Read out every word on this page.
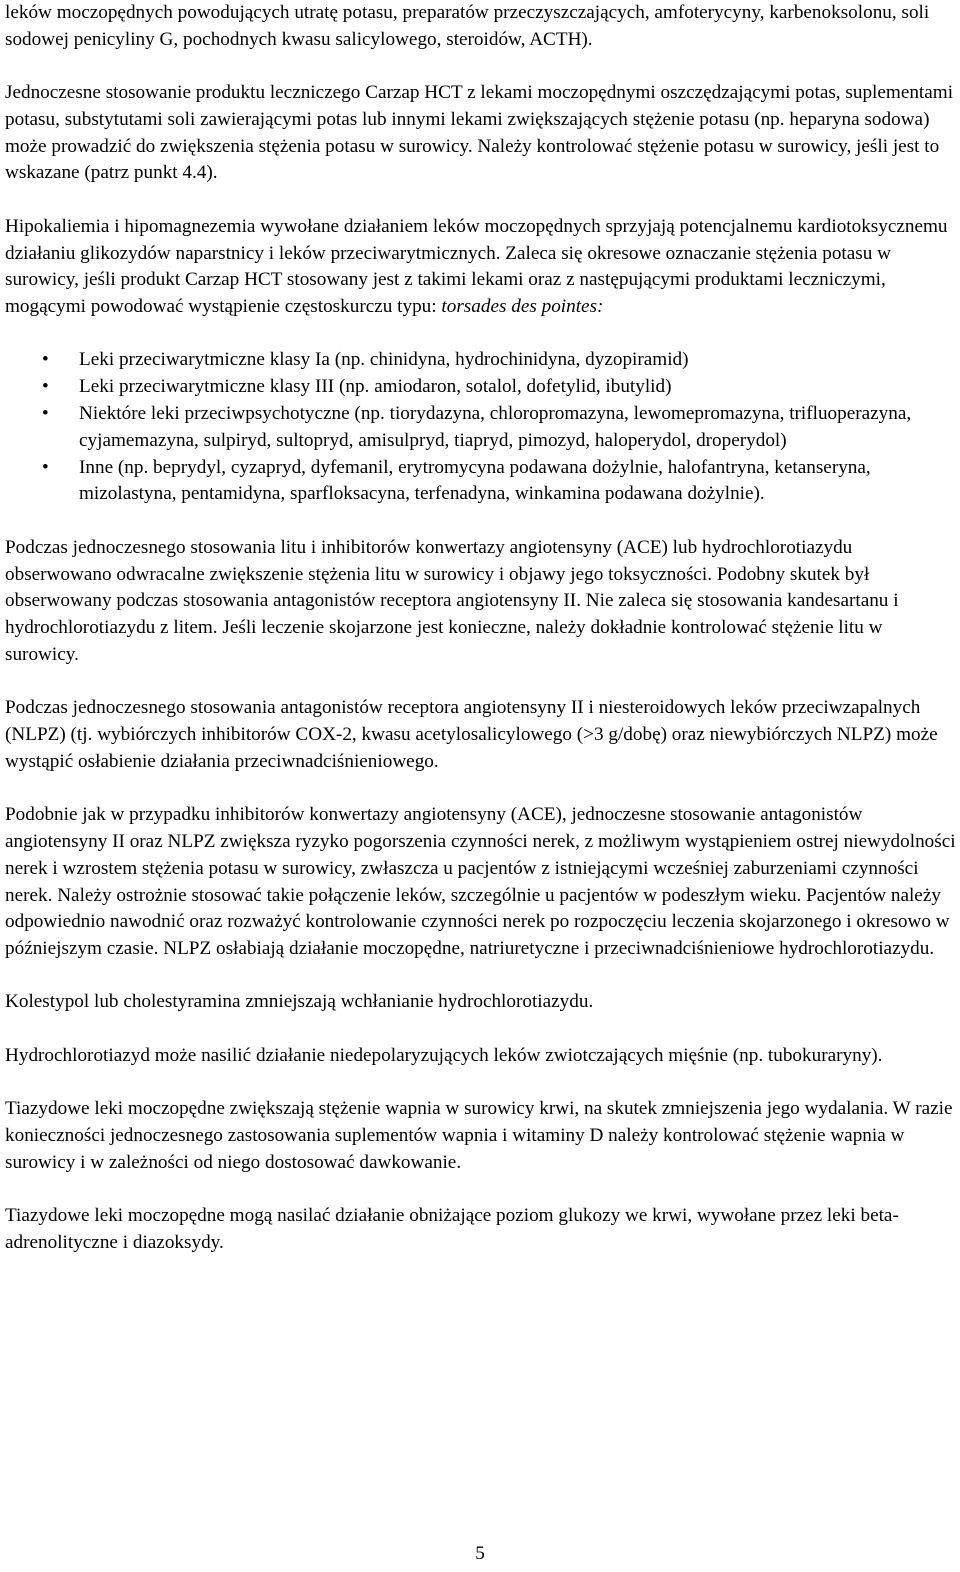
leków moczopędnych powodujących utratę potasu, preparatów przeczyszczających, amfoterycyny, karbenoksolonu, soli sodowej penicyliny G, pochodnych kwasu salicylowego, steroidów, ACTH).

Jednoczesne stosowanie produktu leczniczego Carzap HCT z lekami moczopędnymi oszczędzającymi potas, suplementami potasu, substytutami soli zawierającymi potas lub innymi lekami zwiększających stężenie potasu (np. heparyna sodowa) może prowadzić do zwiększenia stężenia potasu w surowicy. Należy kontrolować stężenie potasu w surowicy, jeśli jest to wskazane (patrz punkt 4.4).

Hipokaliemia i hipomagnezemia wywołane działaniem leków moczopędnych sprzyjają potencjalnemu kardiotoksycznemu działaniu glikozydów naparstnicy i leków przeciwarytmicznych. Zaleca się okresowe oznaczanie stężenia potasu w surowicy, jeśli produkt Carzap HCT stosowany jest z takimi lekami oraz z następującymi produktami leczniczymi, mogącymi powodować wystąpienie częstoskurczu typu: torsades des pointes:

• Leki przeciwarytmiczne klasy Ia (np. chinidyna, hydrochinidyna, dyzopiramid)
• Leki przeciwarytmiczne klasy III (np. amiodaron, sotalol, dofetylid, ibutylid)
• Niektóre leki przeciwpsychotyczne (np. tiorydazyna, chloropromazyna, lewomepromazyna, trifluoperazyna, cyjamemazyna, sulpiryd, sultopryd, amisulpryd, tiapryd, pimozyd, haloperydol, droperydol)
• Inne (np. beprydyl, cyzapryd, dyfemanil, erytromycyna podawana dożylnie, halofantryna, ketanseryna, mizolastyna, pentamidyna, sparfloksacyna, terfenadyna, winkamina podawana dożylnie).

Podczas jednoczesnego stosowania litu i inhibitorów konwertazy angiotensyny (ACE) lub hydrochlorotiazydu obserwowano odwracalne zwiększenie stężenia litu w surowicy i objawy jego toksyczności. Podobny skutek był obserwowany podczas stosowania antagonistów receptora angiotensyny II. Nie zaleca się stosowania kandesartanu i hydrochlorotiazydu z litem. Jeśli leczenie skojarzone jest konieczne, należy dokładnie kontrolować stężenie litu w surowicy.

Podczas jednoczesnego stosowania antagonistów receptora angiotensyny II i niesteroidowych leków przeciwzapalnych (NLPZ) (tj. wybiórczych inhibitorów COX-2, kwasu acetylosalicylowego (>3 g/dobę) oraz niewybiórczych NLPZ) może wystąpić osłabienie działania przeciwnadciśnieniowego.

Podobnie jak w przypadku inhibitorów konwertazy angiotensyny (ACE), jednoczesne stosowanie antagonistów angiotensyny II oraz NLPZ zwiększa ryzyko pogorszenia czynności nerek, z możliwym wystąpieniem ostrej niewydolności nerek i wzrostem stężenia potasu w surowicy, zwłaszcza u pacjentów z istniejącymi wcześniej zaburzeniami czynności nerek. Należy ostrożnie stosować takie połączenie leków, szczególnie u pacjentów w podeszłym wieku. Pacjentów należy odpowiednio nawodnić oraz rozważyć kontrolowanie czynności nerek po rozpoczęciu leczenia skojarzonego i okresowo w późniejszym czasie. NLPZ osłabiają działanie moczopędne, natriuretyczne i przeciwnadciśnieniowe hydrochlorotiazydu.

Kolestypol lub cholestyramina zmniejszają wchłanianie hydrochlorotiazydu.

Hydrochlorotiazyd może nasilić działanie niedepolaryzujących leków zwiotczających mięśnie (np. tubokuraryny).

Tiazydowe leki moczopędne zwiększają stężenie wapnia w surowicy krwi, na skutek zmniejszenia jego wydalania. W razie konieczności jednoczesnego zastosowania suplementów wapnia i witaminy D należy kontrolować stężenie wapnia w surowicy i w zależności od niego dostosować dawkowanie.

Tiazydowe leki moczopędne mogą nasilać działanie obniżające poziom glukozy we krwi, wywołane przez leki beta-adrenolityczne i diazoksydy.

5
